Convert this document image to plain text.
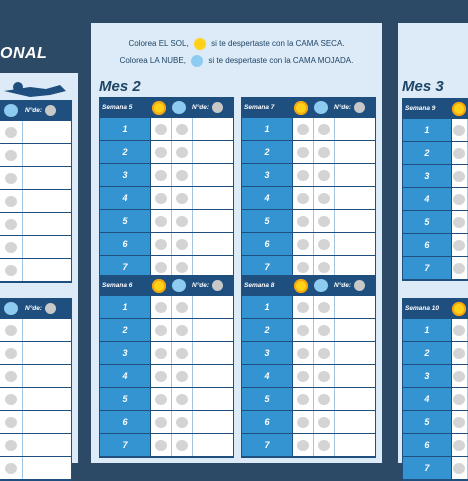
ONAL
N°de:
N°de:
Colorea EL SOL,	si te despertaste con la CAMA SECA.
Colorea LA NUBE,	si te despertaste con la CAMA MOJADA.
Mes 2
Semana 5	N°de:
1
2
3
4
5
6
7
Semana 7	N°de:
1
2
3
4
5
6
7
Semana 6	N°de:
1
2
3
4
5
6
7
Semana 8	N°de:
1
2
3
4
5
6
7
Mes 3
Semana 9
1
2
3
4
5
6
7
Semana 10
1
2
3
4
5
6
7
